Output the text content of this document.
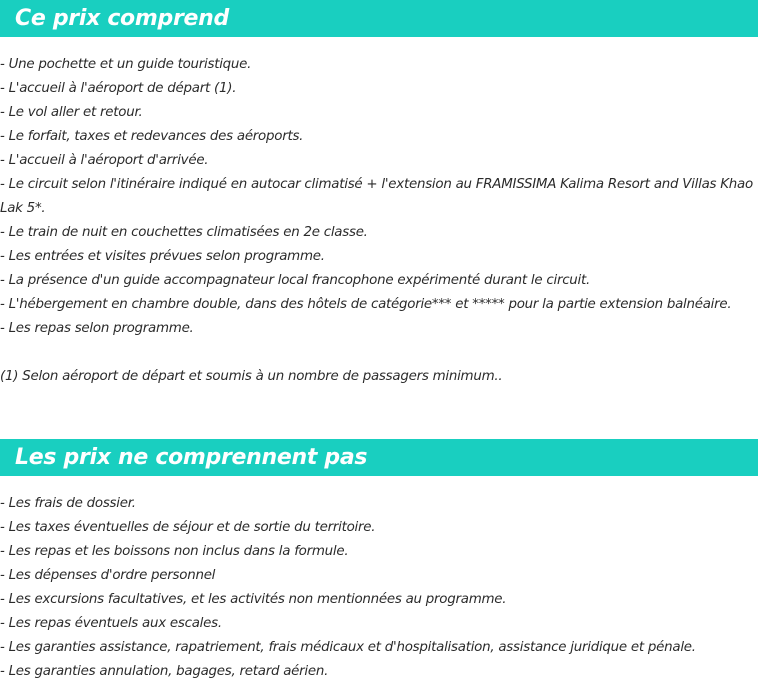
Ce prix comprend
- Une pochette et un guide touristique.
- L'accueil à l'aéroport de départ (1).
- Le vol aller et retour.
- Le forfait, taxes et redevances des aéroports.
- L'accueil à l'aéroport d'arrivée.
- Le circuit selon l'itinéraire indiqué en autocar climatisé + l'extension au FRAMISSIMA Kalima Resort and Villas Khao Lak 5*.
- Le train de nuit en couchettes climatisées en 2e classe.
- Les entrées et visites prévues selon programme.
- La présence d'un guide accompagnateur local francophone expérimenté durant le circuit.
- L'hébergement en chambre double, dans des hôtels de catégorie*** et ***** pour la partie extension balnéaire.
- Les repas selon programme.

(1) Selon aéroport de départ et soumis à un nombre de passagers minimum..

Les prix ne comprennent pas
- Les frais de dossier.
- Les taxes éventuelles de séjour et de sortie du territoire.
- Les repas et les boissons non inclus dans la formule.
- Les dépenses d'ordre personnel
- Les excursions facultatives, et les activités non mentionnées au programme.
- Les repas éventuels aux escales.
- Les garanties assistance, rapatriement, frais médicaux et d'hospitalisation, assistance juridique et pénale.
- Les garanties annulation, bagages, retard aérien.
